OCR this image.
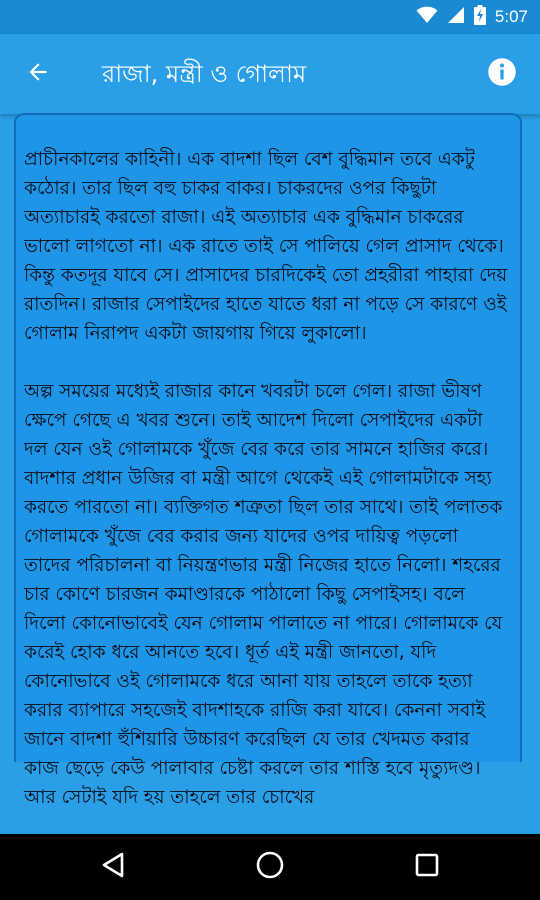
5:07
রাজা, মন্ত্রী ও গোলাম

প্রাচীনকালের কাহিনী। এক বাদশা ছিল বেশ বুদ্ধিমান তবে একটু কঠোর। তার ছিল বহু চাকর বাকর। চাকরদের ওপর কিছুটা অত্যাচারই করতো রাজা। এই অত্যাচার এক বুদ্ধিমান চাকরের ভালো লাগতো না। এক রাতে তাই সে পালিয়ে গেল প্রাসাদ থেকে। কিন্তু কতদূর যাবে সে। প্রাসাদের চারদিকেই তো প্রহরীরা পাহারা দেয় রাতদিন। রাজার সেপাইদের হাতে যাতে ধরা না পড়ে সে কারণে ওই গোলাম নিরাপদ একটা জায়গায় গিয়ে লুকালো।

অল্প সময়ের মধ্যেই রাজার কানে খবরটা চলে গেল। রাজা ভীষণ ক্ষেপে গেছে এ খবর শুনে। তাই আদেশ দিলো সেপাইদের একটা দল যেন ওই গোলামকে খুঁজে বের করে তার সামনে হাজির করে। বাদশার প্রধান উজির বা মন্ত্রী আগে থেকেই এই গোলামটাকে সহ্য করতে পারতো না। ব্যক্তিগত শত্রুতা ছিল তার সাথে। তাই পলাতক গোলামকে খুঁজে বের করার জন্য যাদের ওপর দায়িত্ব পড়লো তাদের পরিচালনা বা নিয়ন্ত্রণভার মন্ত্রী নিজের হাতে নিলো। শহরের চার কোণে চারজন কমাণ্ডারকে পাঠালো কিছু সেপাইসহ। বলে দিলো কোনোভাবেই যেন গোলাম পালাতে না পারে। গোলামকে যে করেই হোক ধরে আনতে হবে। ধূর্ত এই মন্ত্রী জানতো, যদি কোনোভাবে ওই গোলামকে ধরে আনা যায় তাহলে তাকে হত্যা করার ব্যাপারে সহজেই বাদশাহকে রাজি করা যাবে। কেননা সবাই জানে বাদশা হুঁশিয়ারি উচ্চারণ করেছিল যে তার খেদমত করার কাজ ছেড়ে কেউ পালাবার চেষ্টা করলে তার শাস্তি হবে মৃত্যুদণ্ড। আর সেটাই যদি হয় তাহলে তার চোখের
